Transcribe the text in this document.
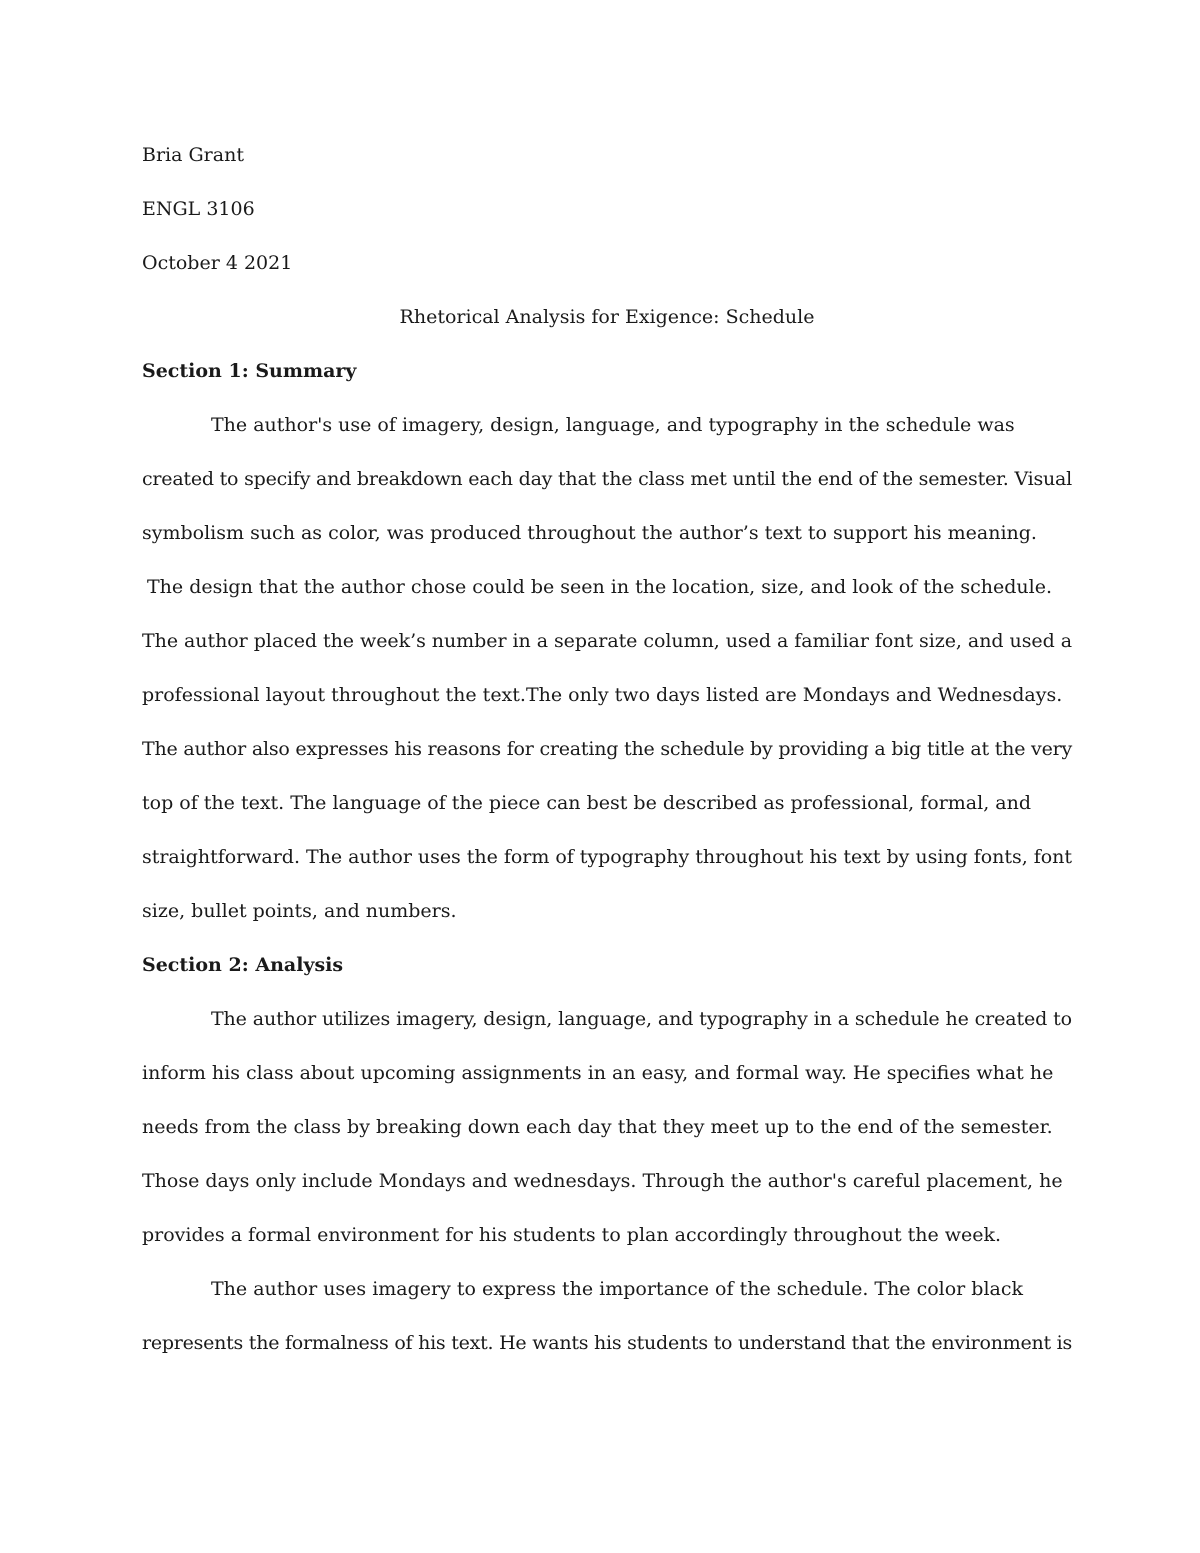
Bria Grant
ENGL 3106
October 4 2021
Rhetorical Analysis for Exigence: Schedule
Section 1: Summary
The author's use of imagery, design, language, and typography in the schedule was
created to specify and breakdown each day that the class met until the end of the semester. Visual
symbolism such as color, was produced throughout the author’s text to support his meaning.
The design that the author chose could be seen in the location, size, and look of the schedule.
The author placed the week’s number in a separate column, used a familiar font size, and used a
professional layout throughout the text.The only two days listed are Mondays and Wednesdays.
The author also expresses his reasons for creating the schedule by providing a big title at the very
top of the text. The language of the piece can best be described as professional, formal, and
straightforward. The author uses the form of typography throughout his text by using fonts, font
size, bullet points, and numbers.
Section 2: Analysis
The author utilizes imagery, design, language, and typography in a schedule he created to
inform his class about upcoming assignments in an easy, and formal way. He specifies what he
needs from the class by breaking down each day that they meet up to the end of the semester.
Those days only include Mondays and wednesdays. Through the author's careful placement, he
provides a formal environment for his students to plan accordingly throughout the week.
The author uses imagery to express the importance of the schedule. The color black
represents the formalness of his text. He wants his students to understand that the environment is
